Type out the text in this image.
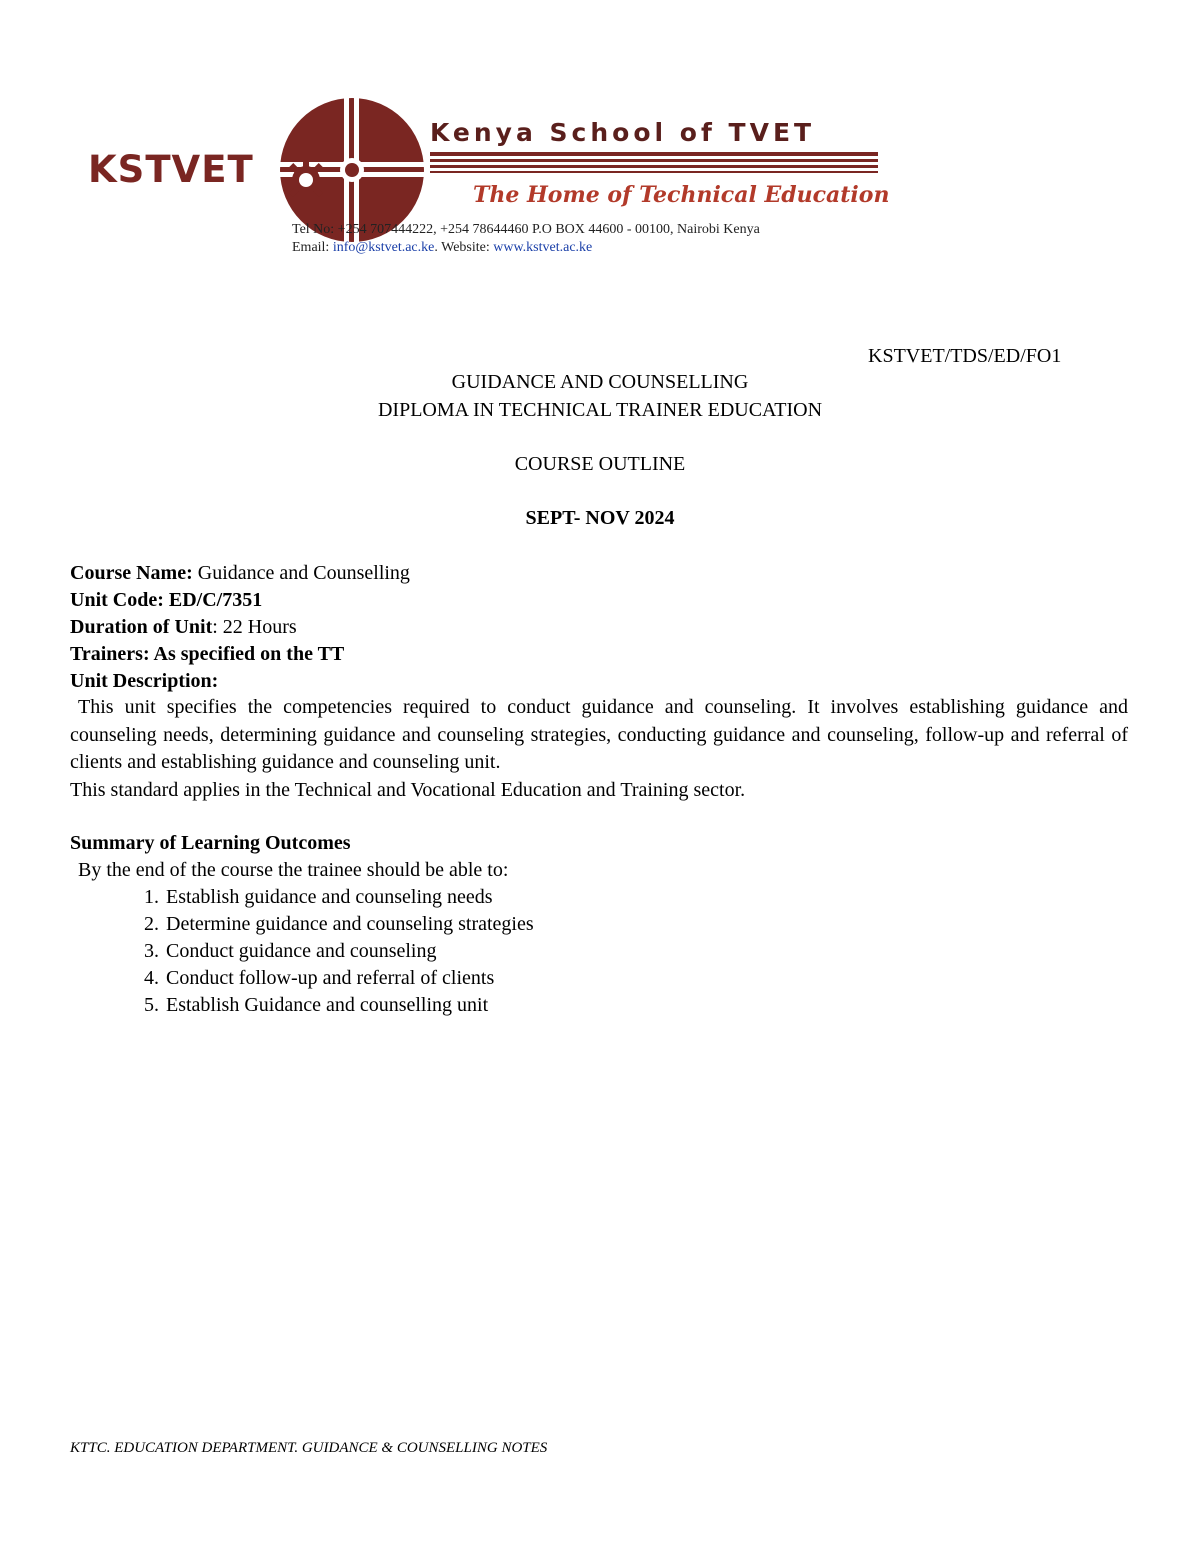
KSTVET
Kenya School of TVET
The Home of Technical Education
Tel No: +254 707444222, +254 78644460 P.O BOX 44600 - 00100, Nairobi Kenya
Email: info@kstvet.ac.ke. Website: www.kstvet.ac.ke
KSTVET/TDS/ED/FO1
GUIDANCE AND COUNSELLING
DIPLOMA IN TECHNICAL TRAINER EDUCATION
COURSE OUTLINE
SEPT- NOV 2024
Course Name: Guidance and Counselling
Unit Code: ED/C/7351
Duration of Unit: 22 Hours
Trainers: As specified on the TT
Unit Description:
This unit specifies the competencies required to conduct guidance and counseling. It involves establishing guidance and counseling needs, determining guidance and counseling strategies, conducting guidance and counseling, follow-up and referral of clients and establishing guidance and counseling unit.
This standard applies in the Technical and Vocational Education and Training sector.
Summary of Learning Outcomes
By the end of the course the trainee should be able to:
1. Establish guidance and counseling needs
2. Determine guidance and counseling strategies
3. Conduct guidance and counseling
4. Conduct follow-up and referral of clients
5. Establish Guidance and counselling unit
KTTC. EDUCATION DEPARTMENT. GUIDANCE & COUNSELLING NOTES
